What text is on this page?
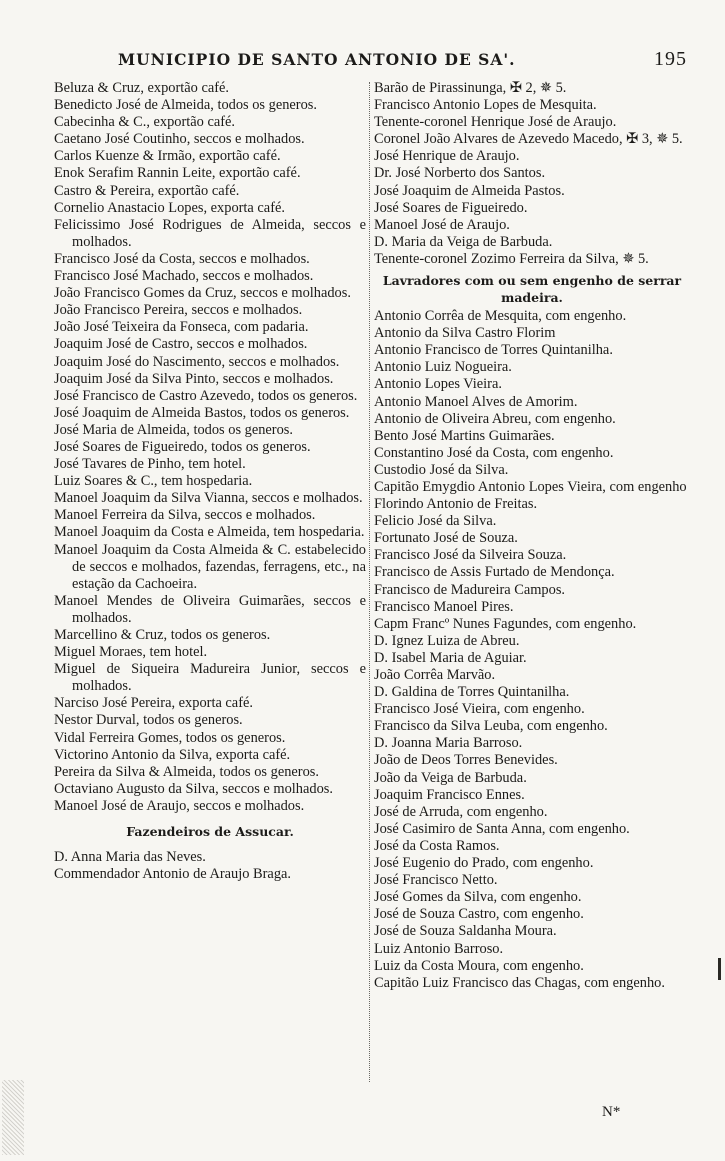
MUNICIPIO DE SANTO ANTONIO DE SA'.	195
Beluza & Cruz, exportão café.
Benedicto José de Almeida, todos os generos.
Cabecinha & C., exportão café.
Caetano José Coutinho, seccos e molhados.
Carlos Kuenze & Irmão, exportão café.
Enok Serafim Rannin Leite, exportão café.
Castro & Pereira, exportão café.
Cornelio Anastacio Lopes, exporta café.
Felicissimo José Rodrigues de Almeida, seccos e molhados.
Francisco José da Costa, seccos e molhados.
Francisco José Machado, seccos e molhados.
João Francisco Gomes da Cruz, seccos e molhados.
João Francisco Pereira, seccos e molhados.
João José Teixeira da Fonseca, com padaria.
Joaquim José de Castro, seccos e molhados.
Joaquim José do Nascimento, seccos e molhados.
Joaquim José da Silva Pinto, seccos e molhados.
José Francisco de Castro Azevedo, todos os generos.
José Joaquim de Almeida Bastos, todos os generos.
José Maria de Almeida, todos os generos.
José Soares de Figueiredo, todos os generos.
José Tavares de Pinho, tem hotel.
Luiz Soares & C., tem hospedaria.
Manoel Joaquim da Silva Vianna, seccos e molhados.
Manoel Ferreira da Silva, seccos e molhados.
Manoel Joaquim da Costa e Almeida, tem hospedaria.
Manoel Joaquim da Costa Almeida & C. estabelecido de seccos e molhados, fazendas, ferragens, etc., na estação da Cachoeira.
Manoel Mendes de Oliveira Guimarães, seccos e molhados.
Marcellino & Cruz, todos os generos.
Miguel Moraes, tem hotel.
Miguel de Siqueira Madureira Junior, seccos e molhados.
Narciso José Pereira, exporta café.
Nestor Durval, todos os generos.
Vidal Ferreira Gomes, todos os generos.
Victorino Antonio da Silva, exporta café.
Pereira da Silva & Almeida, todos os generos.
Octaviano Augusto da Silva, seccos e molhados.
Manoel José de Araujo, seccos e molhados.
Fazendeiros de Assucar.
D. Anna Maria das Neves.
Commendador Antonio de Araujo Braga.
Barão de Pirassinunga, ✠ 2, ✵ 5.
Francisco Antonio Lopes de Mesquita.
Tenente-coronel Henrique José de Araujo.
Coronel João Alvares de Azevedo Macedo, ✠ 3, ✵ 5.
José Henrique de Araujo.
Dr. José Norberto dos Santos.
José Joaquim de Almeida Pastos.
José Soares de Figueiredo.
Manoel José de Araujo.
D. Maria da Veiga de Barbuda.
Tenente-coronel Zozimo Ferreira da Silva, ✵ 5.
Lavradores com ou sem engenho de serrar madeira.
Antonio Corrêa de Mesquita, com engenho.
Antonio da Silva Castro Florim
Antonio Francisco de Torres Quintanilha.
Antonio Luiz Nogueira.
Antonio Lopes Vieira.
Antonio Manoel Alves de Amorim.
Antonio de Oliveira Abreu, com engenho.
Bento José Martins Guimarães.
Constantino José da Costa, com engenho.
Custodio José da Silva.
Capitão Emygdio Antonio Lopes Vieira, com engenho
Florindo Antonio de Freitas.
Felicio José da Silva.
Fortunato José de Souza.
Francisco José da Silveira Souza.
Francisco de Assis Furtado de Mendonça.
Francisco de Madureira Campos.
Francisco Manoel Pires.
Capm Francº Nunes Fagundes, com engenho.
D. Ignez Luiza de Abreu.
D. Isabel Maria de Aguiar.
João Corrêa Marvão.
D. Galdina de Torres Quintanilha.
Francisco José Vieira, com engenho.
Francisco da Silva Leuba, com engenho.
D. Joanna Maria Barroso.
João de Deos Torres Benevides.
João da Veiga de Barbuda.
Joaquim Francisco Ennes.
José de Arruda, com engenho.
José Casimiro de Santa Anna, com engenho.
José da Costa Ramos.
José Eugenio do Prado, com engenho.
José Francisco Netto.
José Gomes da Silva, com engenho.
José de Souza Castro, com engenho.
José de Souza Saldanha Moura.
Luiz Antonio Barroso.
Luiz da Costa Moura, com engenho.
Capitão Luiz Francisco das Chagas, com engenho.
N*
